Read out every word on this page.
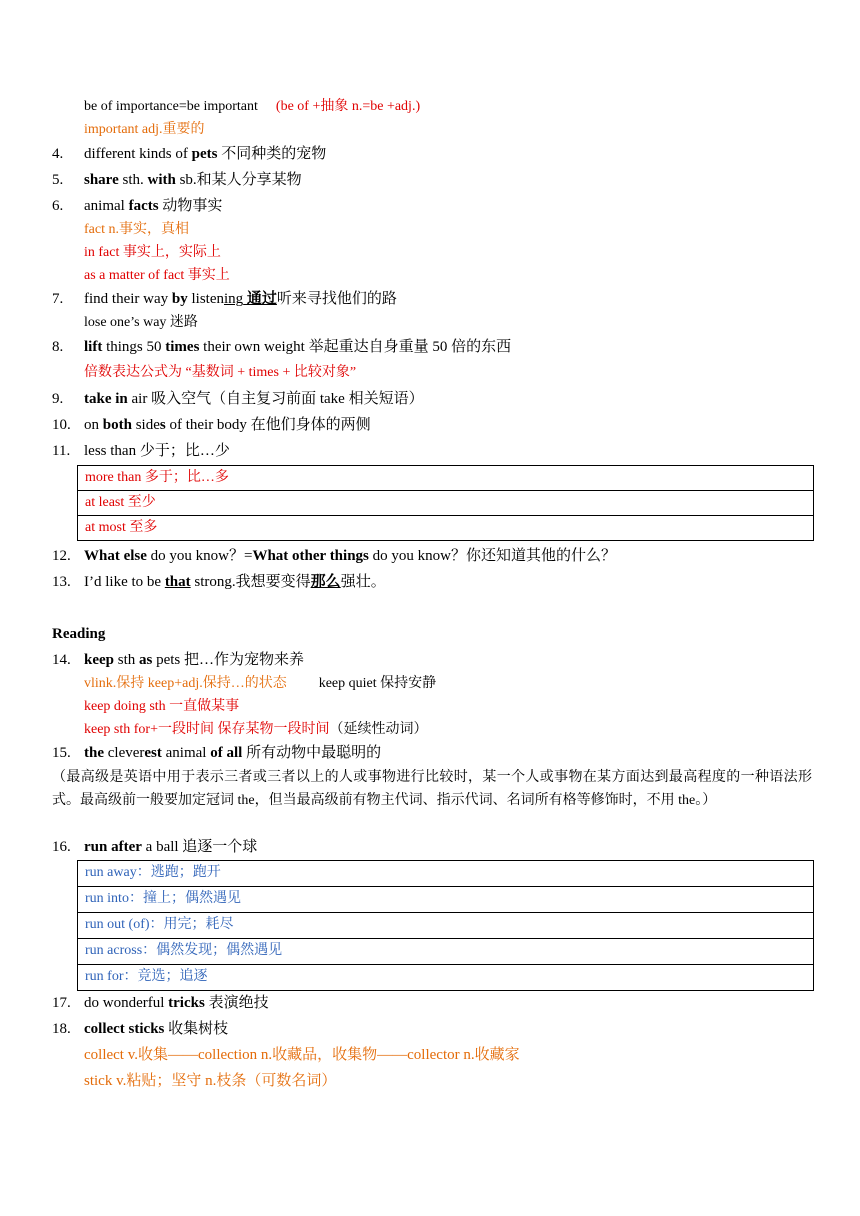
be of importance=be important (be of +抽象 n.=be +adj.)
important adj.重要的
4.	different kinds of pets 不同种类的宠物
5.	share sth. with sb.和某人分享某物
6.	animal facts 动物事实
fact n.事实，真相
in fact 事实上，实际上
as a matter of fact 事实上
7.	find their way by listening 通过听来寻找他们的路
lose one’s way 迷路
8.	lift things 50 times their own weight 举起重达自身重量 50 倍的东西
倍数表达公式为 “基数词 + times + 比较对象”
9.	take in air 吸入空气（自主复习前面 take 相关短语）
10. on both sides of their body 在他们身体的两侧
11. less than 少于；比…少
more than 多于；比…多
at least 至少
at most 至多
12. What else do you know？=What other things do you know？你还知道其他的什么？
13. I’d like to be that strong.我想要变得那么强壮。
Reading
14. keep sth as pets 把…作为宠物来养
vlink.保持 keep+adj.保持…的状态 keep quiet 保持安静
keep doing sth 一直做某事
keep sth for+一段时间 保存某物一段时间（延续性动词）
15. the cleverest animal of all 所有动物中最聪明的
（最高级是英语中用于表示三者或三者以上的人或事物进行比较时，某一个人或事物在某方面达到最高程度的一种语法形式。最高级前一般要加定冠词 the，但当最高级前有物主代词、指示代词、名词所有格等修饰时，不用 the。）
16. run after a ball 追逐一个球
run away：逃跑；跑开
run into：撞上；偶然遇见
run out (of)：用完；耗尽
run across：偶然发现；偶然遇见
run for：竞选；追逐
17. do wonderful tricks 表演绝技
18. collect sticks 收集树枝
collect v.收集——collection n.收藏品，收集物——collector n.收藏家
stick v.粘贴；坚守 n.枝条（可数名词）
